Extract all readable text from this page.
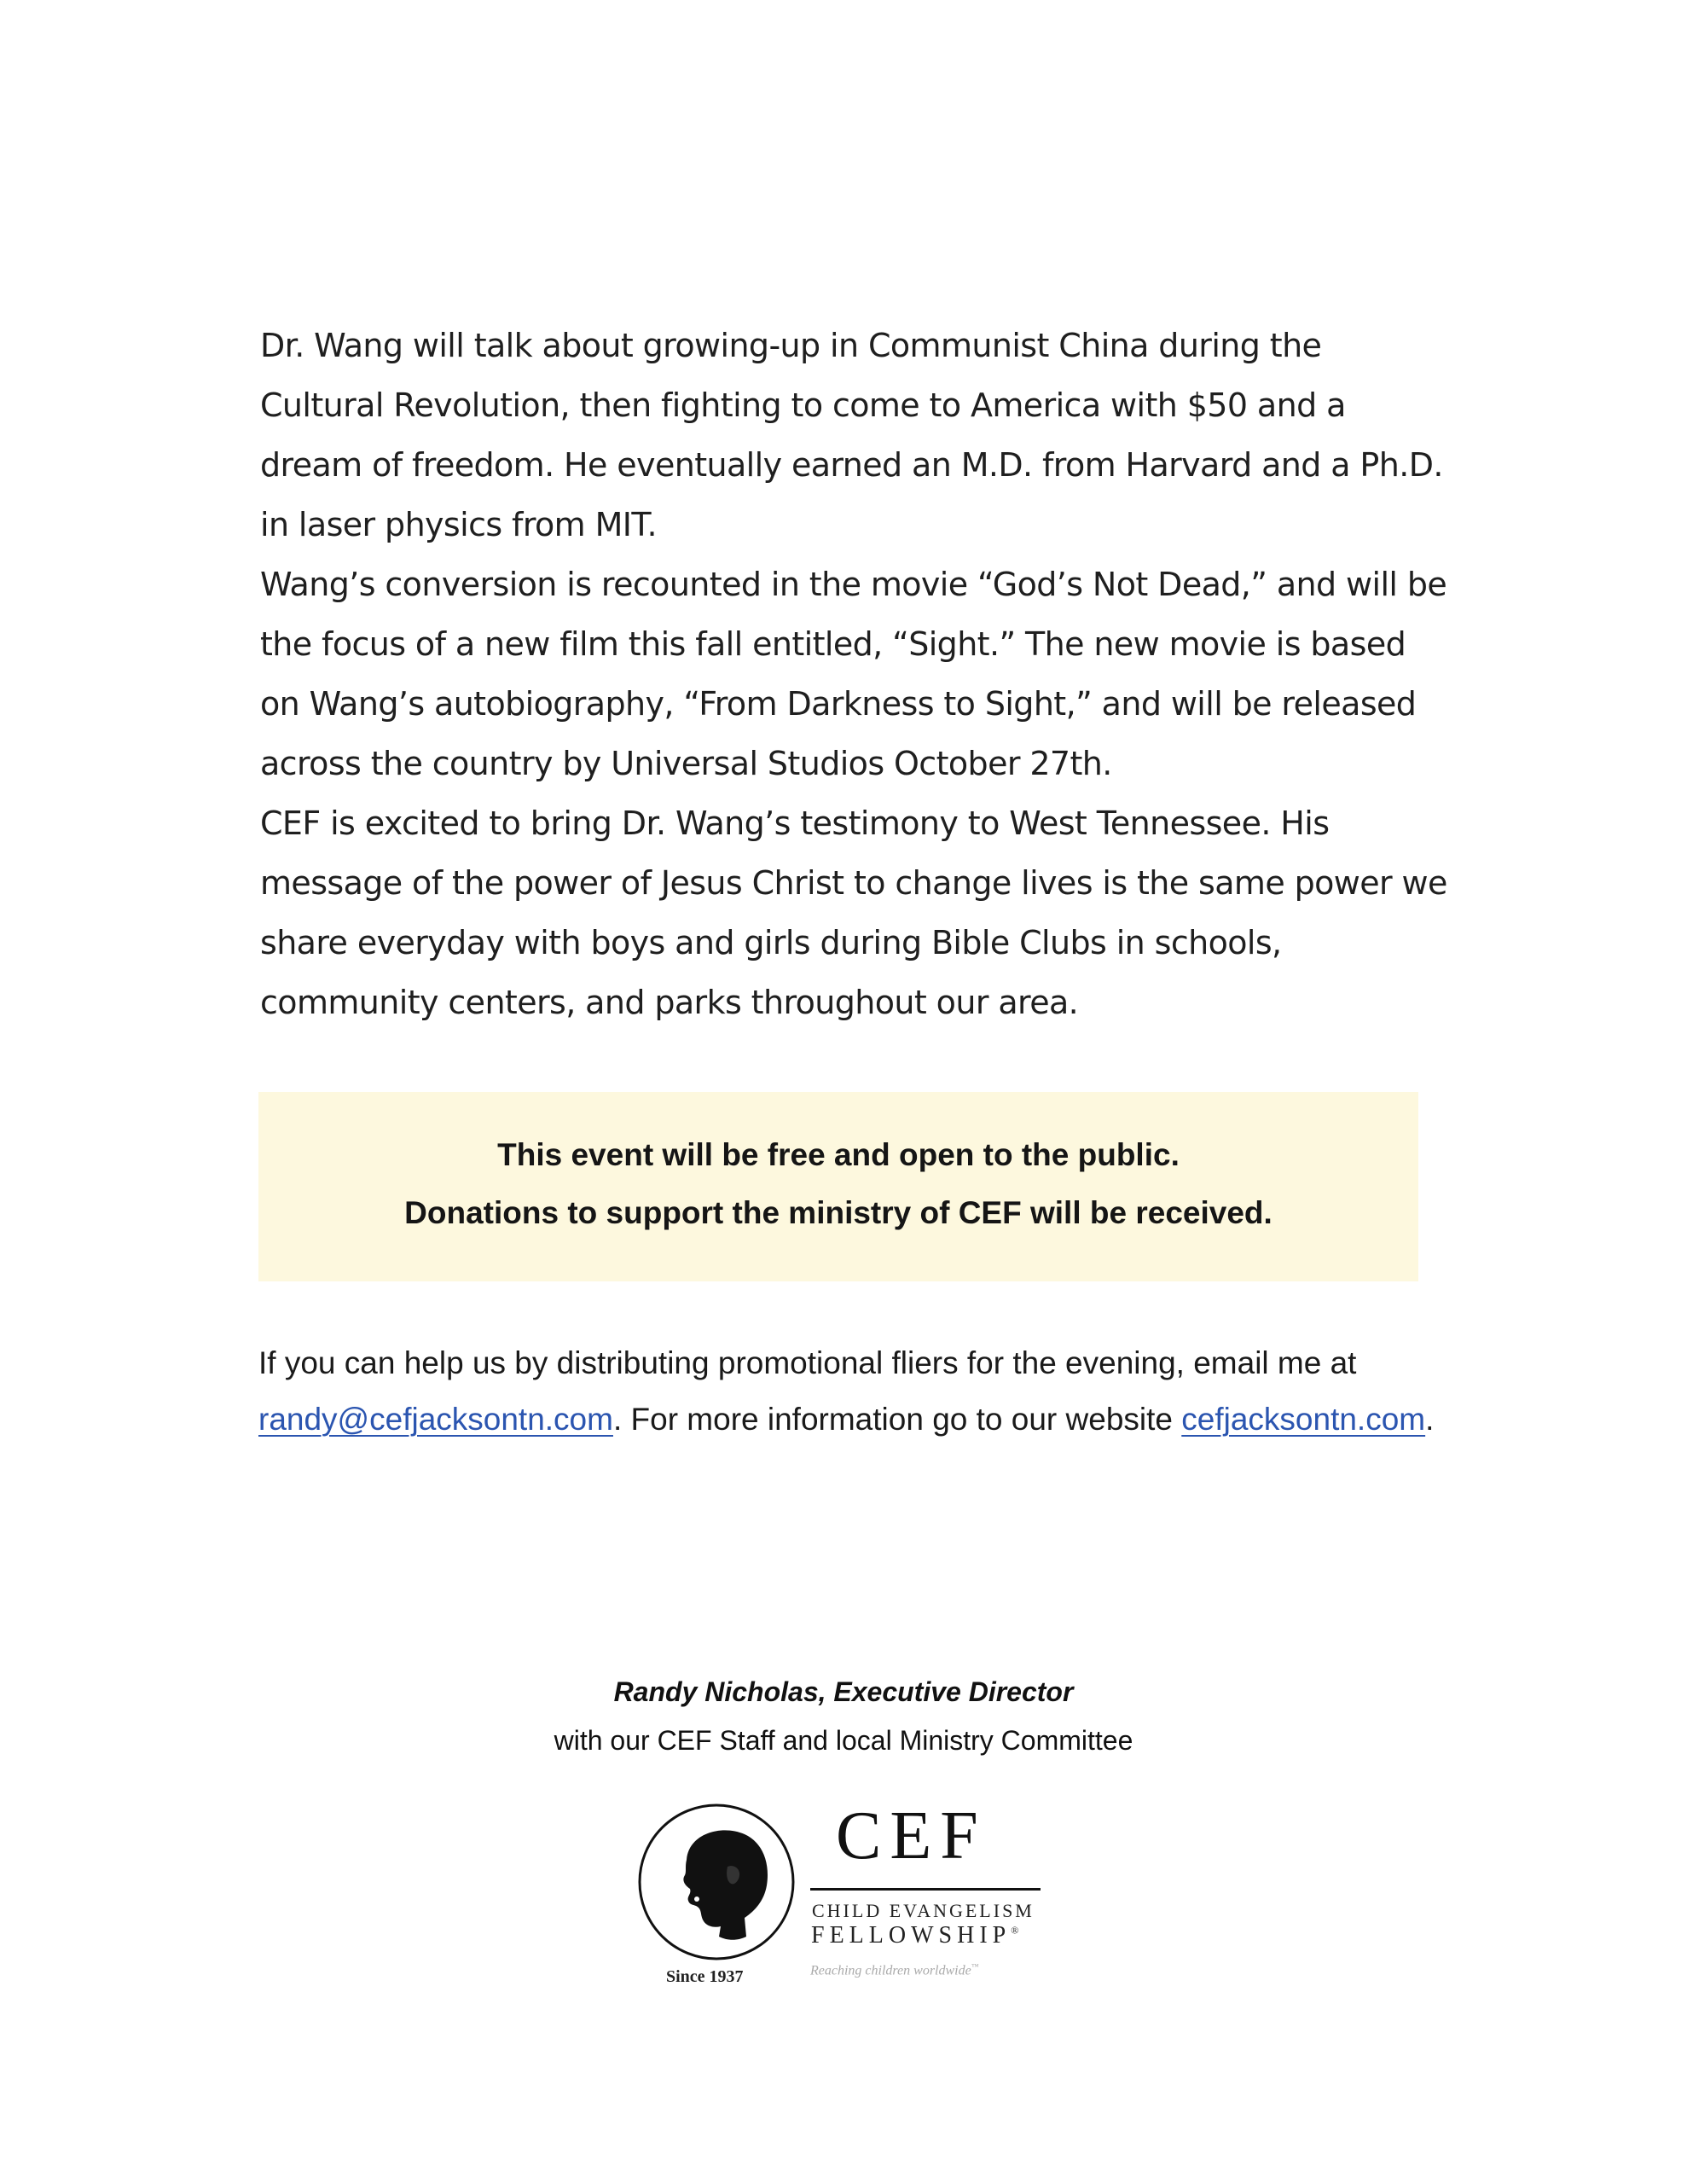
Dr. Wang will talk about growing-up in Communist China during the Cultural Revolution, then fighting to come to America with $50 and a dream of freedom. He eventually earned an M.D. from Harvard and a Ph.D. in laser physics from MIT.

Wang’s conversion is recounted in the movie “God’s Not Dead,” and will be the focus of a new film this fall entitled, “Sight.” The new movie is based on Wang’s autobiography, “From Darkness to Sight,” and will be released across the country by Universal Studios October 27th.

CEF is excited to bring Dr. Wang’s testimony to West Tennessee. His message of the power of Jesus Christ to change lives is the same power we share everyday with boys and girls during Bible Clubs in schools, community centers, and parks throughout our area.

This event will be free and open to the public.
Donations to support the ministry of CEF will be received.
If you can help us by distributing promotional fliers for the evening, email me at randy@cefjacksontn.com. For more information go to our website cefjacksontn.com.
Randy Nicholas, Executive Director
with our CEF Staff and local Ministry Committee
CEF
CHILD EVANGELISM
FELLOWSHIP®
Reaching children worldwide™
Since 1937
